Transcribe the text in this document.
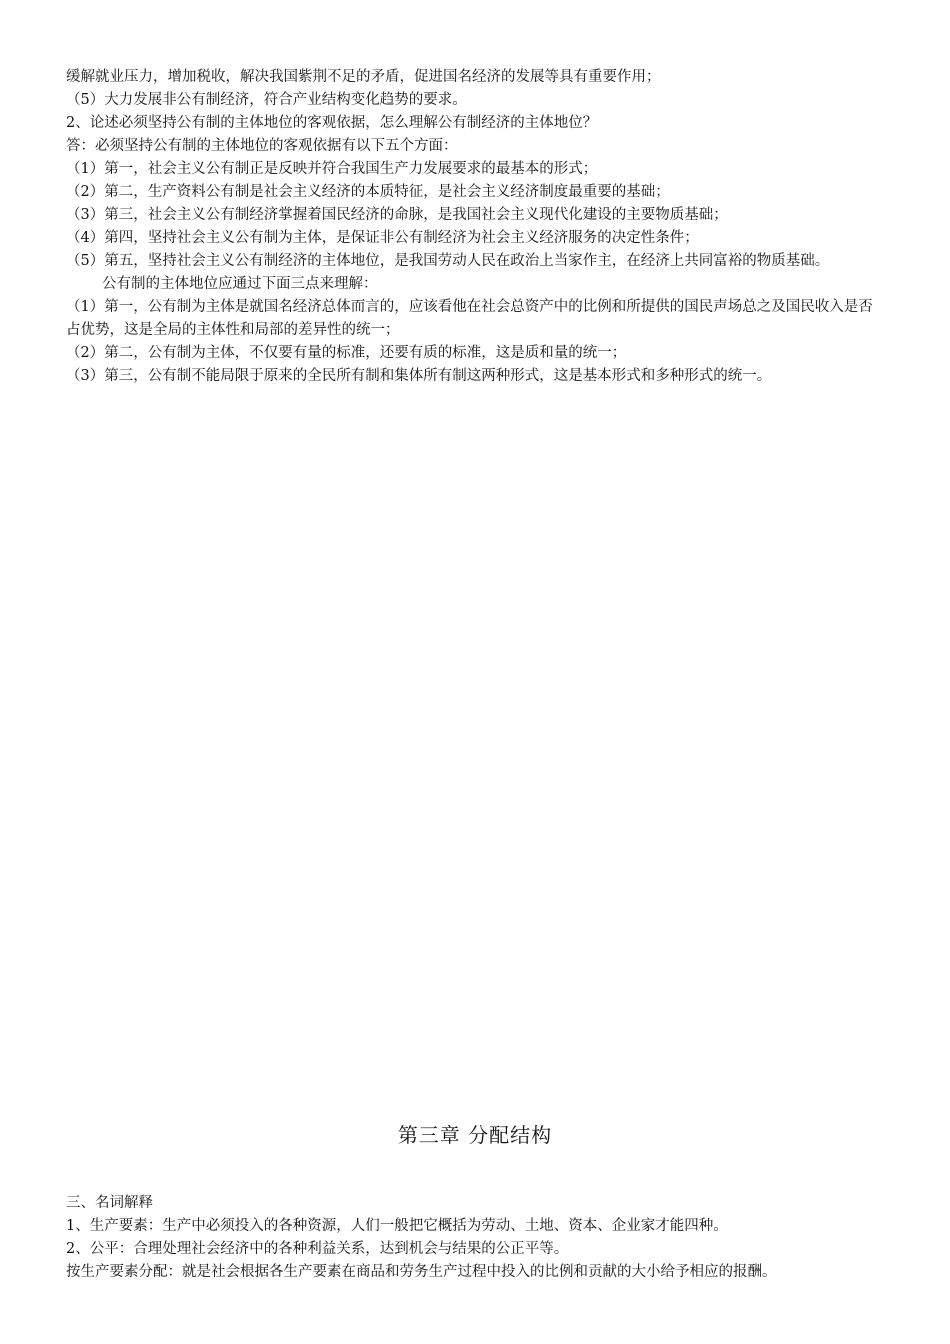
缓解就业压力，增加税收，解决我国紫荆不足的矛盾，促进国名经济的发展等具有重要作用；
（5）大力发展非公有制经济，符合产业结构变化趋势的要求。
2、论述必须坚持公有制的主体地位的客观依据，怎么理解公有制经济的主体地位？
答：必须坚持公有制的主体地位的客观依据有以下五个方面：
（1）第一，社会主义公有制正是反映并符合我国生产力发展要求的最基本的形式；
（2）第二，生产资料公有制是社会主义经济的本质特征，是社会主义经济制度最重要的基础；
（3）第三，社会主义公有制经济掌握着国民经济的命脉，是我国社会主义现代化建设的主要物质基础；
（4）第四，坚持社会主义公有制为主体，是保证非公有制经济为社会主义经济服务的决定性条件；
（5）第五，坚持社会主义公有制经济的主体地位，是我国劳动人民在政治上当家作主，在经济上共同富裕的物质基础。
公有制的主体地位应通过下面三点来理解：
（1）第一，公有制为主体是就国名经济总体而言的，应该看他在社会总资产中的比例和所提供的国民声场总之及国民收入是否占优势，这是全局的主体性和局部的差异性的统一；
（2）第二，公有制为主体，不仅要有量的标准，还要有质的标准，这是质和量的统一；
（3）第三，公有制不能局限于原来的全民所有制和集体所有制这两种形式，这是基本形式和多种形式的统一。
第三章 分配结构
三、名词解释
1、生产要素：生产中必须投入的各种资源，人们一般把它概括为劳动、土地、资本、企业家才能四种。
2、公平：合理处理社会经济中的各种利益关系，达到机会与结果的公正平等。
按生产要素分配：就是社会根据各生产要素在商品和劳务生产过程中投入的比例和贡献的大小给予相应的报酬。
